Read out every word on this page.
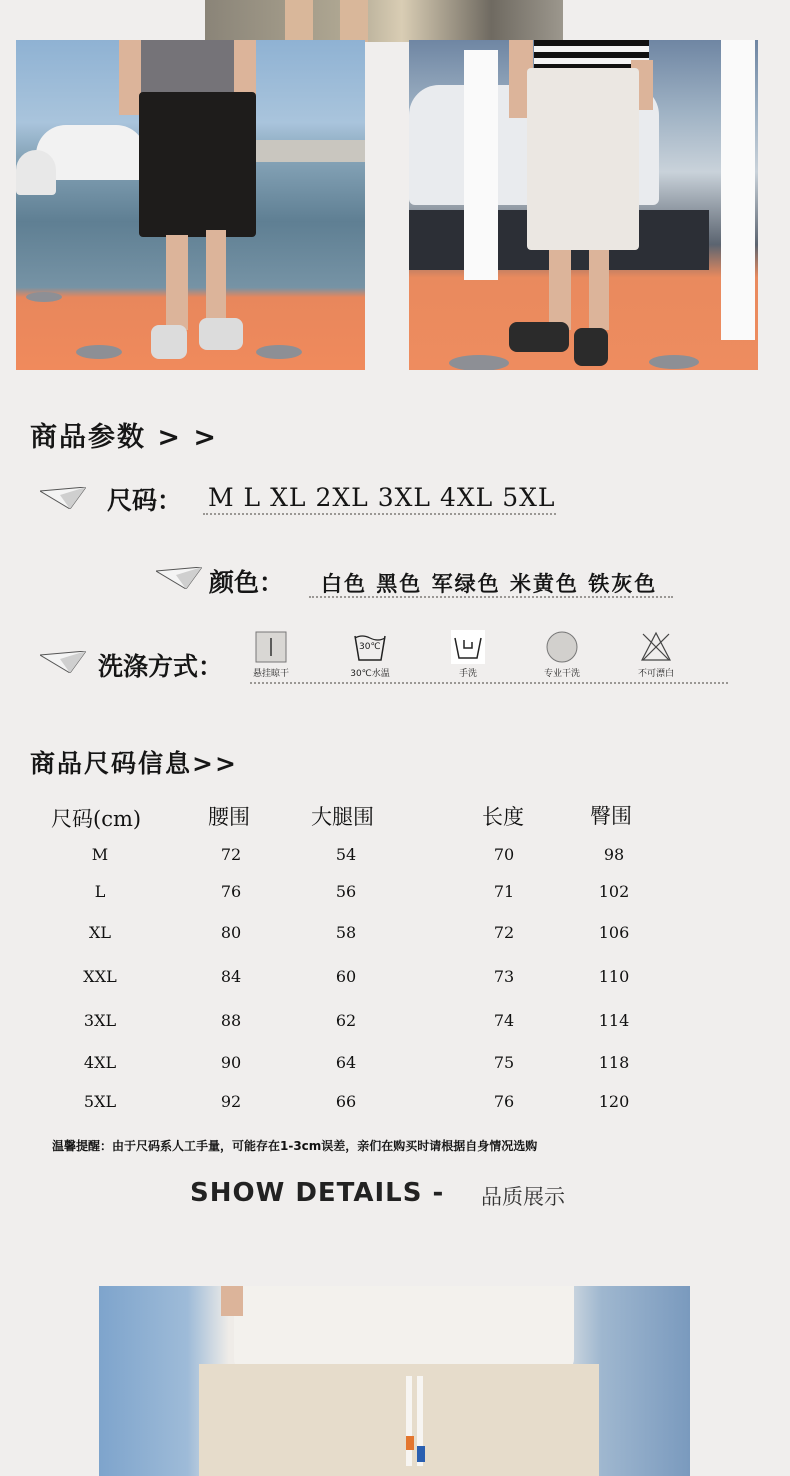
商品参数 > >
尺码： M L XL 2XL 3XL 4XL 5XL
颜色： 白色 黑色 军绿色 米黄色 铁灰色
洗涤方式：	悬挂晾干
30℃
30℃水温	手洗	专业干洗	不可漂白
商品尺码信息>>
尺码(cm)	腰围	大腿围	长度	臀围
M	72	54	70	98
L	76	56	71	102
XL	80	58	72	106
XXL	84	60	73	110
3XL	88	62	74	114
4XL	90	64	75	118
5XL	92	66	76	120
温馨提醒：由于尺码系人工手量，可能存在1-3cm误差，亲们在购买时请根据自身情况选购
SHOW DETAILS - 品质展示
